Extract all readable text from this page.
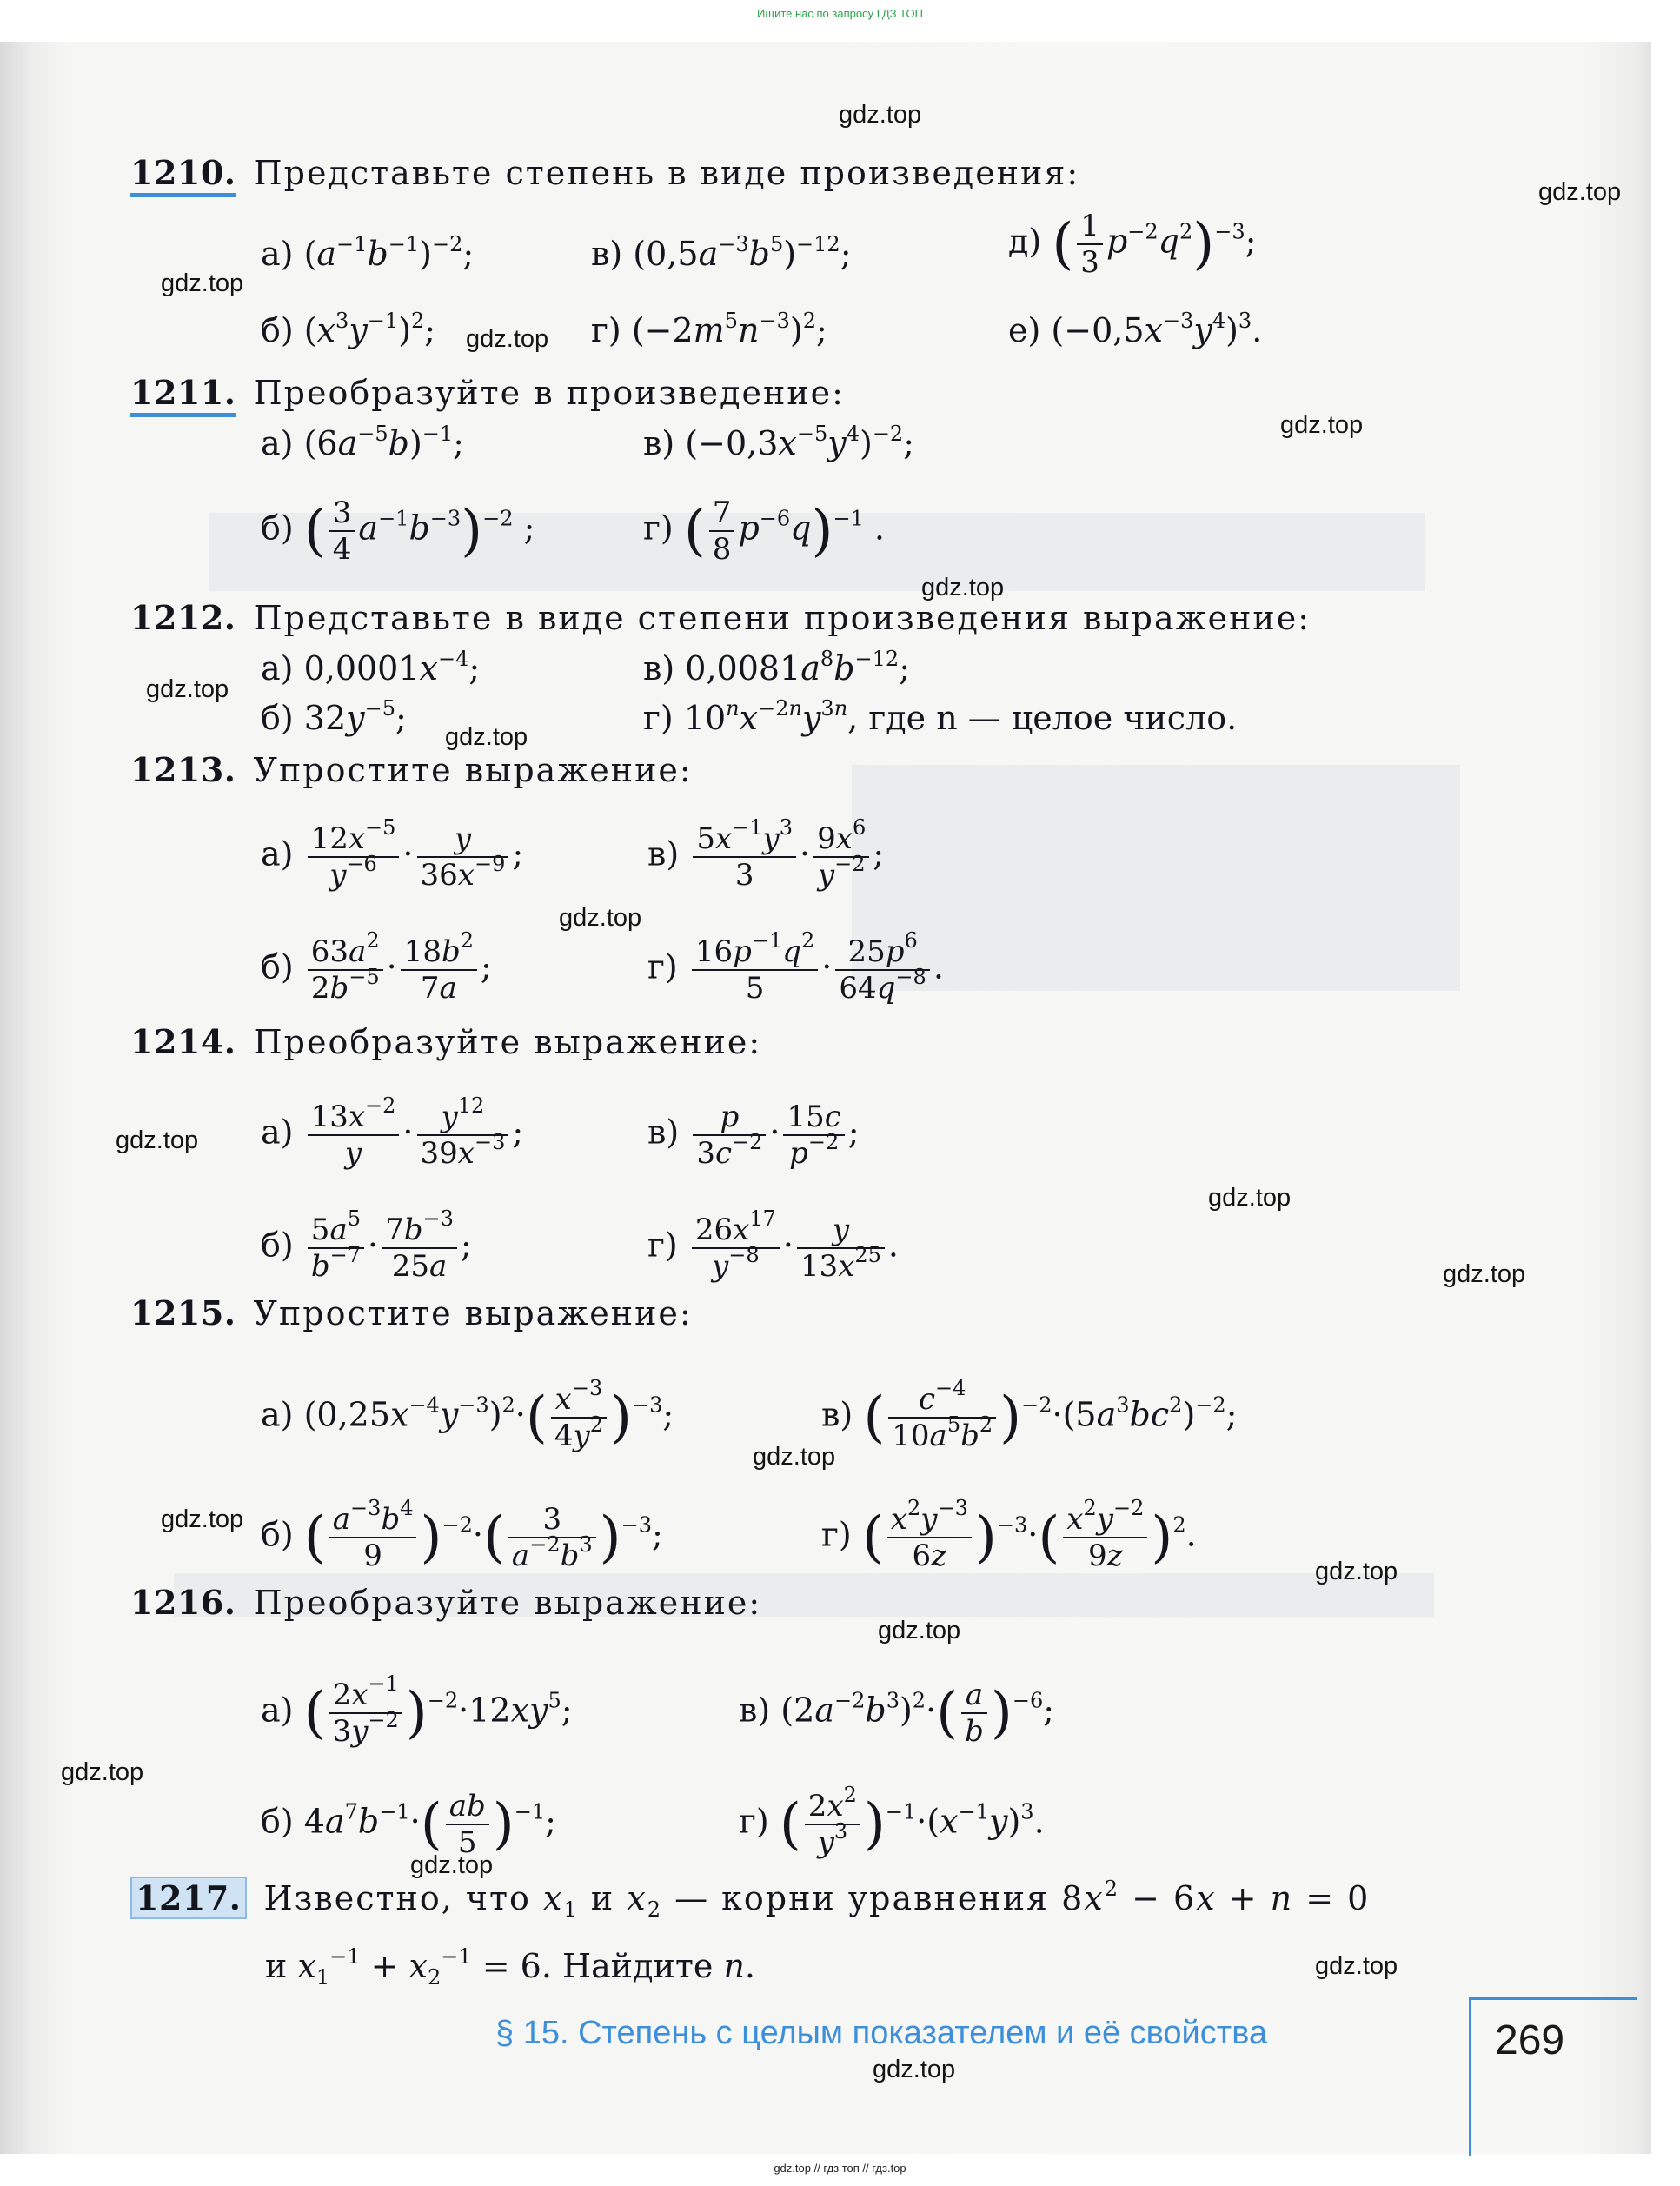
Ищите нас по запросу ГДЗ ТОП
gdz.top
gdz.top
gdz.top
gdz.top
gdz.top
gdz.top
gdz.top
gdz.top
gdz.top
gdz.top
gdz.top
gdz.top
gdz.top
gdz.top
gdz.top
gdz.top
gdz.top
gdz.top
gdz.top
gdz.top
1210. Представьте степень в виде произведения:
а) $(a^{-1}b^{-1})^{-2}$;	в) $(0,5a^{-3}b^5)^{-12}$;	д) ( $\frac{1}{3} p^{-2}q^2)^{-3}$;
б) $(x^3y^{-1})^2$;	г) $(-2m^5n^{-3})^2$;	е) $(-0,5x^{-3}y^4)^3$.
1211. Преобразуйте в произведение:
а) $(6a^{-5}b)^{-1}$;	в) $(-0,3x^{-5}y^4)^{-2}$;
б) ( $\frac{3}{4} a^{-1}b^{-3})^{-2}$ ;	г) ( $\frac{7}{8} p^{-6}q)^{-1}$ .
1212. Представьте в виде степени произведения выражение:
а) $0,0001x^{-4}$;	в) $0,0081a^8b^{-12}$;
б) $32y^{-5}$;	г) $10^nx^{-2n}y^{3n}$, где n — целое число.
1213. Упростите выражение:
$а) \frac{12x^{-5}}{y^{-6}} \cdot \frac{y}{36x^{-9}}$ ;	$в) \frac{5x^{-1}y^3}{3} \cdot \frac{9x^6}{y^{-2}}$ ;
$б) \frac{63a^2}{2b^{-5}} \cdot \frac{18b^2}{7a}$ ;	$г) \frac{16p^{-1}q^2}{5} \cdot \frac{25p^6}{64q^{-8}}$ .
1214. Преобразуйте выражение:
$а) \frac{13x^{-2}}{y} \cdot \frac{y^{12}}{39x^{-3}}$ ;	$в) \frac{p}{3c^{-2}} \cdot \frac{15c}{p^{-2}}$ ;
$б) \frac{5a^5}{b^{-7}} \cdot \frac{7b^{-3}}{25a}$ ;	$г) \frac{26x^{17}}{y^{-8}} \cdot \frac{y}{13x^{25}}$ .
1215. Упростите выражение:
а) $(0,25x^{-4}y^{-3})^2\cdot( \frac{x^{-3}}{4y^2} )^{-3}$;	в) ( $\frac{c^{-4}}{10a^5b^2} )^{-2}\cdot(5a^3bc^2)^{-2}$;
б) ( $\frac{a^{-3}b^4}{9} )^{-2}\cdot( \frac{3}{a^{-2}b^3} )^{-3}$;	г) ( $\frac{x^2y^{-3}}{6z} )^{-3}\cdot( \frac{x^2y^{-2}}{9z} )^2$.
1216. Преобразуйте выражение:
а) ( $\frac{2x^{-1}}{3y^{-2}} )^{-2}\cdot 12xy^5$;	в) $(2a^{-2}b^3)^2\cdot( \frac{a}{b} )^{-6}$;
б) $4a^7b^{-1}\cdot( \frac{ab}{5} )^{-1}$;	г) ( $\frac{2x^2}{y^3} )^{-1}\cdot(x^{-1}y)^3$.
1217. Известно, что $x_1$ и $x_2$ — корни уравнения $8x^2 - 6x + n = 0$
и $x_1^{-1} + x_2^{-1} = 6$. Найдите n.
§ 15. Степень с целым показателем и её свойства	269
gdz.top // гдз топ // гдз.top
